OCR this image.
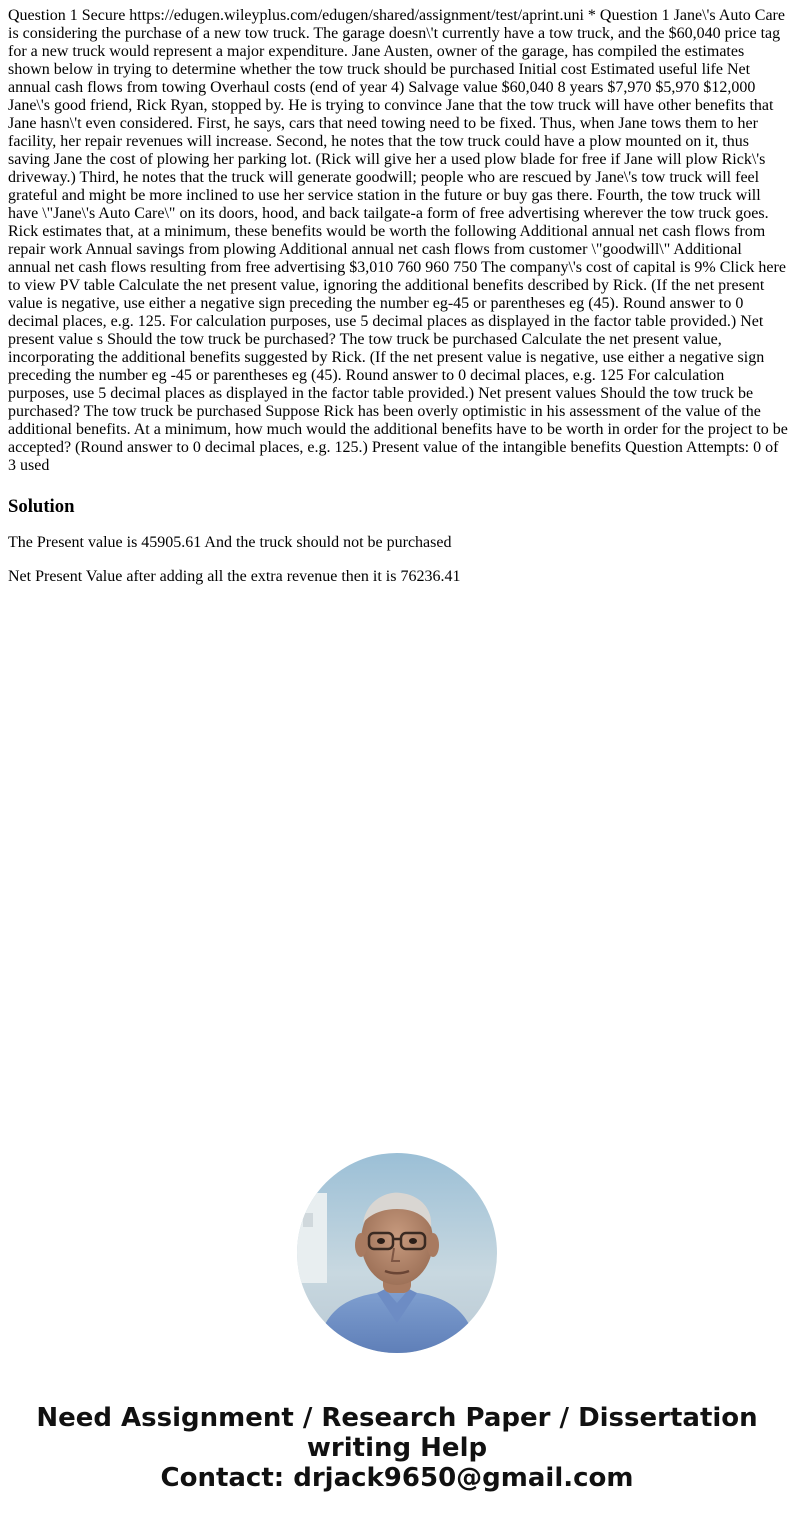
Question 1 Secure https://edugen.wileyplus.com/edugen/shared/assignment/test/aprint.uni * Question 1 Jane\'s Auto Care is considering the purchase of a new tow truck. The garage doesn\'t currently have a tow truck, and the $60,040 price tag for a new truck would represent a major expenditure. Jane Austen, owner of the garage, has compiled the estimates shown below in trying to determine whether the tow truck should be purchased Initial cost Estimated useful life Net annual cash flows from towing Overhaul costs (end of year 4) Salvage value $60,040 8 years $7,970 $5,970 $12,000 Jane\'s good friend, Rick Ryan, stopped by. He is trying to convince Jane that the tow truck will have other benefits that Jane hasn\'t even considered. First, he says, cars that need towing need to be fixed. Thus, when Jane tows them to her facility, her repair revenues will increase. Second, he notes that the tow truck could have a plow mounted on it, thus saving Jane the cost of plowing her parking lot. (Rick will give her a used plow blade for free if Jane will plow Rick\'s driveway.) Third, he notes that the truck will generate goodwill; people who are rescued by Jane\'s tow truck will feel grateful and might be more inclined to use her service station in the future or buy gas there. Fourth, the tow truck will have \"Jane\'s Auto Care\" on its doors, hood, and back tailgate-a form of free advertising wherever the tow truck goes. Rick estimates that, at a minimum, these benefits would be worth the following Additional annual net cash flows from repair work Annual savings from plowing Additional annual net cash flows from customer \"goodwill\" Additional annual net cash flows resulting from free advertising $3,010 760 960 750 The company\'s cost of capital is 9% Click here to view PV table Calculate the net present value, ignoring the additional benefits described by Rick. (If the net present value is negative, use either a negative sign preceding the number eg-45 or parentheses eg (45). Round answer to 0 decimal places, e.g. 125. For calculation purposes, use 5 decimal places as displayed in the factor table provided.) Net present value s Should the tow truck be purchased? The tow truck be purchased Calculate the net present value, incorporating the additional benefits suggested by Rick. (If the net present value is negative, use either a negative sign preceding the number eg -45 or parentheses eg (45). Round answer to 0 decimal places, e.g. 125 For calculation purposes, use 5 decimal places as displayed in the factor table provided.) Net present values Should the tow truck be purchased? The tow truck be purchased Suppose Rick has been overly optimistic in his assessment of the value of the additional benefits. At a minimum, how much would the additional benefits have to be worth in order for the project to be accepted? (Round answer to 0 decimal places, e.g. 125.) Present value of the intangible benefits Question Attempts: 0 of 3 used

Solution

The Present value is 45905.61 And the truck should not be purchased

Net Present Value after adding all the extra revenue then it is 76236.41

Need Assignment / Research Paper / Dissertation
writing Help
Contact: drjack9650@gmail.com
